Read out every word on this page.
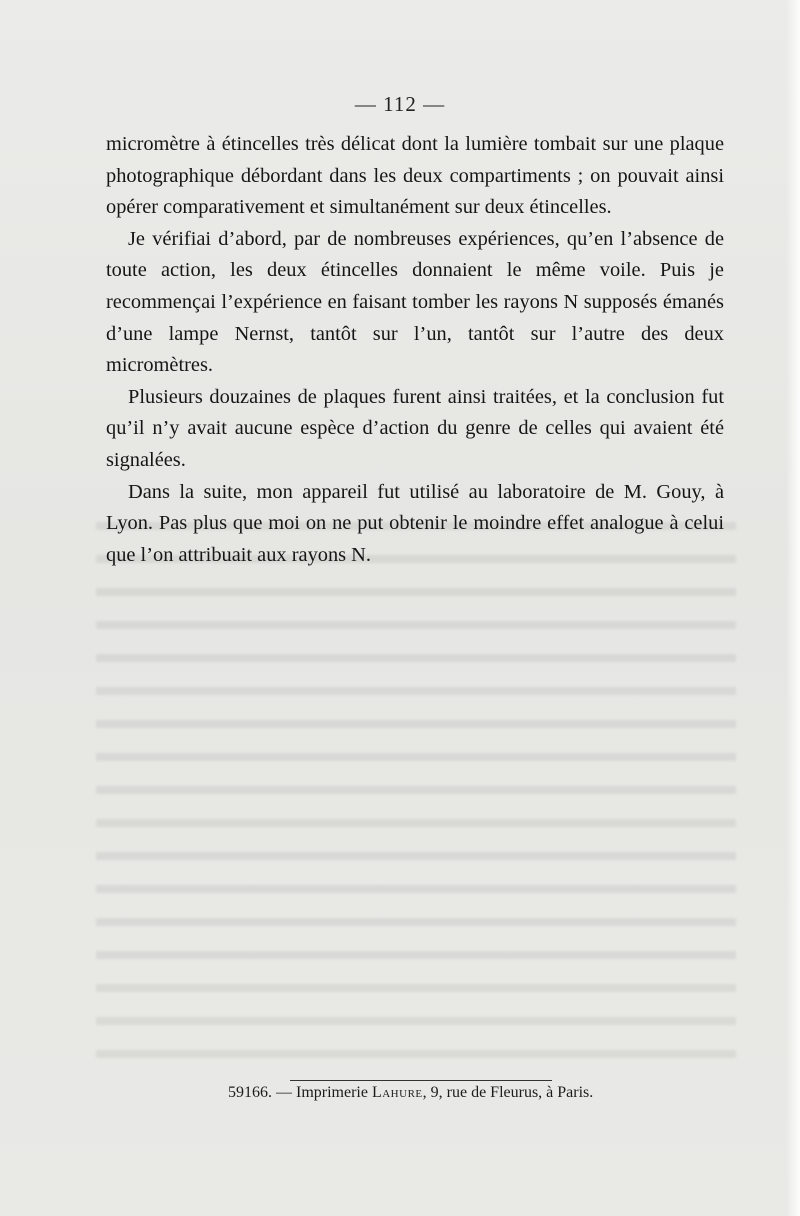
— 112 —

micromètre à étincelles très délicat dont la lumière tombait sur une plaque photographique débordant dans les deux compartiments ; on pouvait ainsi opérer comparativement et simultanément sur deux étincelles.

Je vérifiai d’abord, par de nombreuses expériences, qu’en l’absence de toute action, les deux étincelles donnaient le même voile. Puis je recommençai l’expérience en faisant tomber les rayons N supposés émanés d’une lampe Nernst, tantôt sur l’un, tantôt sur l’autre des deux micromètres.

Plusieurs douzaines de plaques furent ainsi traitées, et la conclusion fut qu’il n’y avait aucune espèce d’action du genre de celles qui avaient été signalées.

Dans la suite, mon appareil fut utilisé au laboratoire de M. Gouy, à Lyon. Pas plus que moi on ne put obtenir le moindre effet analogue à celui que l’on attribuait aux rayons N.

59166. — Imprimerie Lahure, 9, rue de Fleurus, à Paris.
